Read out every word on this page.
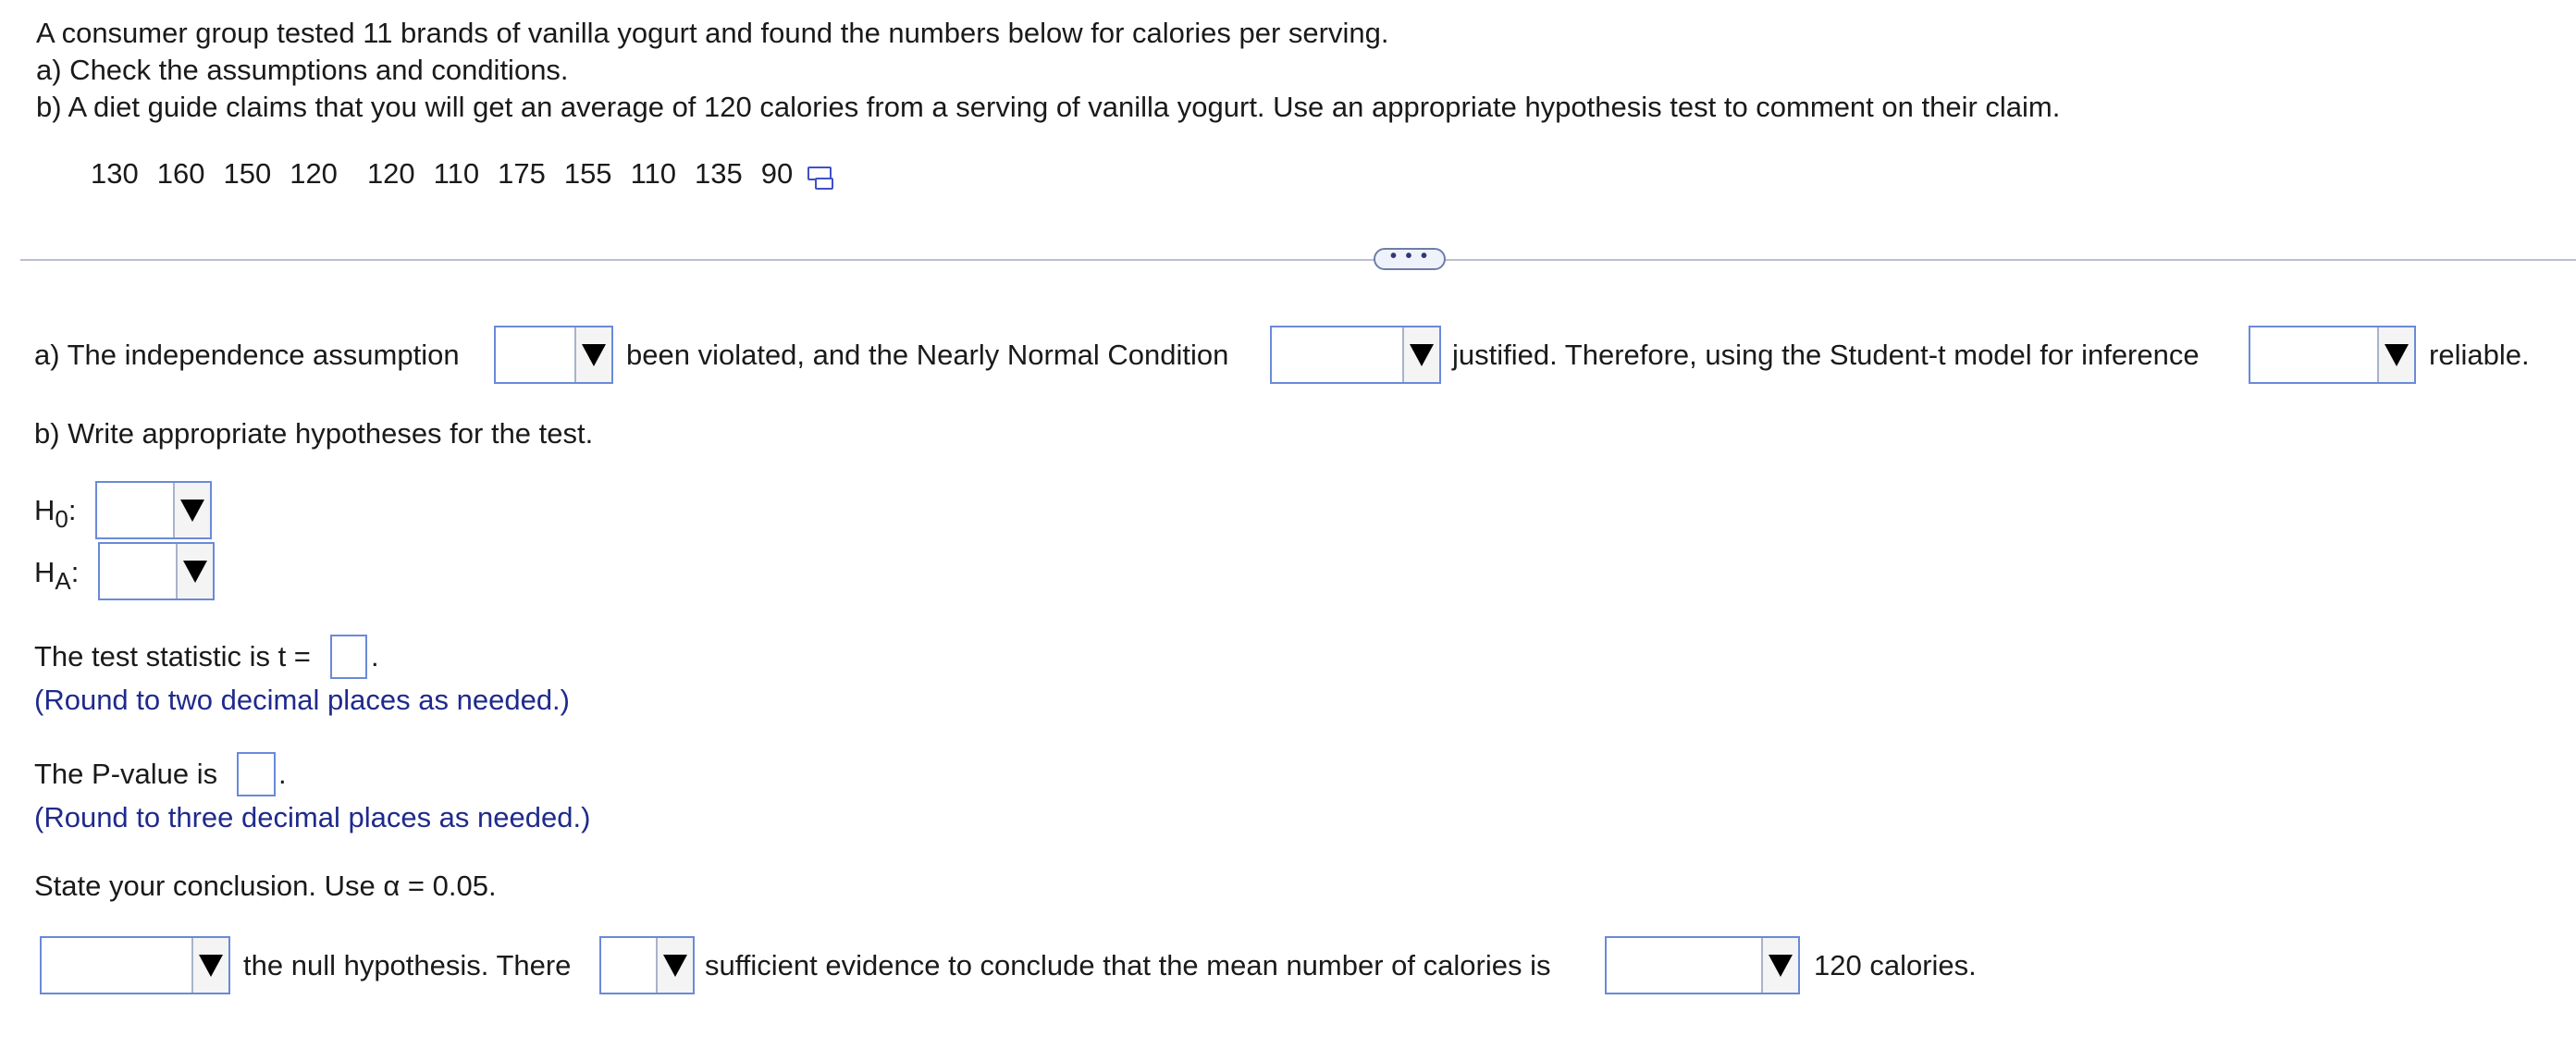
A consumer group tested 11 brands of vanilla yogurt and found the numbers below for calories per serving.
a) Check the assumptions and conditions.
b) A diet guide claims that you will get an average of 120 calories from a serving of vanilla yogurt. Use an appropriate hypothesis test to comment on their claim.
130 160 150 120 120 110 175 155 110 135 90
• • •
a) The independence assumption	been violated, and the Nearly Normal Condition	justified. Therefore, using the Student-t model for inference	reliable.
b) Write appropriate hypotheses for the test.
$H_0$:
$H_A$:
The test statistic is t = .
(Round to two decimal places as needed.)
The P-value is .
(Round to three decimal places as needed.)
State your conclusion. Use α = 0.05.
the null hypothesis. There	sufficient evidence to conclude that the mean number of calories is	120 calories.
